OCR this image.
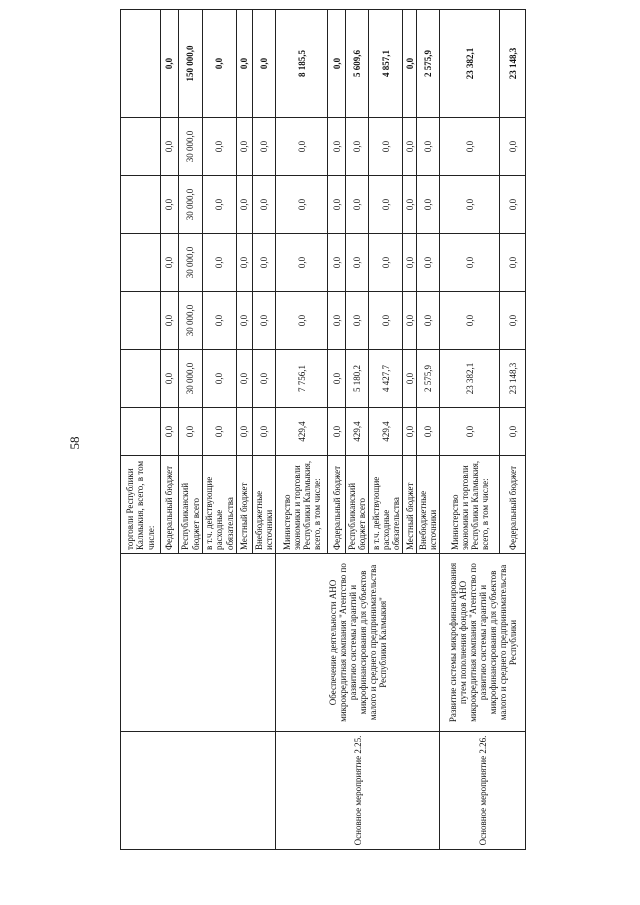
58
		торговли Республики Калмыкия, всего, в том числе:							
		Федеральный бюджет	0,0	0,0	0,0	0,0	0,0	0,0	0,0
		Республиканский бюджет всего	0,0	30 000,0	30 000,0	30 000,0	30 000,0	30 000,0	150 000,0
		в т.ч. действующие расходные обязательства	0,0	0,0	0,0	0,0	0,0	0,0	0,0
		Местный бюджет	0,0	0,0	0,0	0,0	0,0	0,0	0,0
		Внебюджетные источники	0,0	0,0	0,0	0,0	0,0	0,0	0,0
Основное мероприятие 2.25.	Обеспечение деятельности АНО микрокредитная компания "Агентство по развитию системы гарантий и микрофинансирования для субъектов малого и среднего предпринимательства Республики Калмыкия"	Министерство экономики и торговли Республики Калмыкия, всего, в том числе:	429,4	7 756,1	0,0	0,0	0,0	0,0	8 185,5
		Федеральный бюджет	0,0	0,0	0,0	0,0	0,0	0,0	0,0
		Республиканский бюджет всего	429,4	5 180,2	0,0	0,0	0,0	0,0	5 609,6
		в т.ч. действующие расходные обязательства	429,4	4 427,7	0,0	0,0	0,0	0,0	4 857,1
		Местный бюджет	0,0	0,0	0,0	0,0	0,0	0,0	0,0
		Внебюджетные источники	0,0	2 575,9	0,0	0,0	0,0	0,0	2 575,9
Основное мероприятие 2.26.	Развитие системы микрофинансирования путем пополнения фондов АНО микрокредитная компания "Агентство по развитию системы гарантий и микрофинансирования для субъектов малого и среднего предпринимательства Республики	Министерство экономики и торговли Республики Калмыкия, всего, в том числе:	0,0	23 382,1	0,0	0,0	0,0	0,0	23 382,1
		Федеральный бюджет	0,0	23 148,3	0,0	0,0	0,0	0,0	23 148,3
